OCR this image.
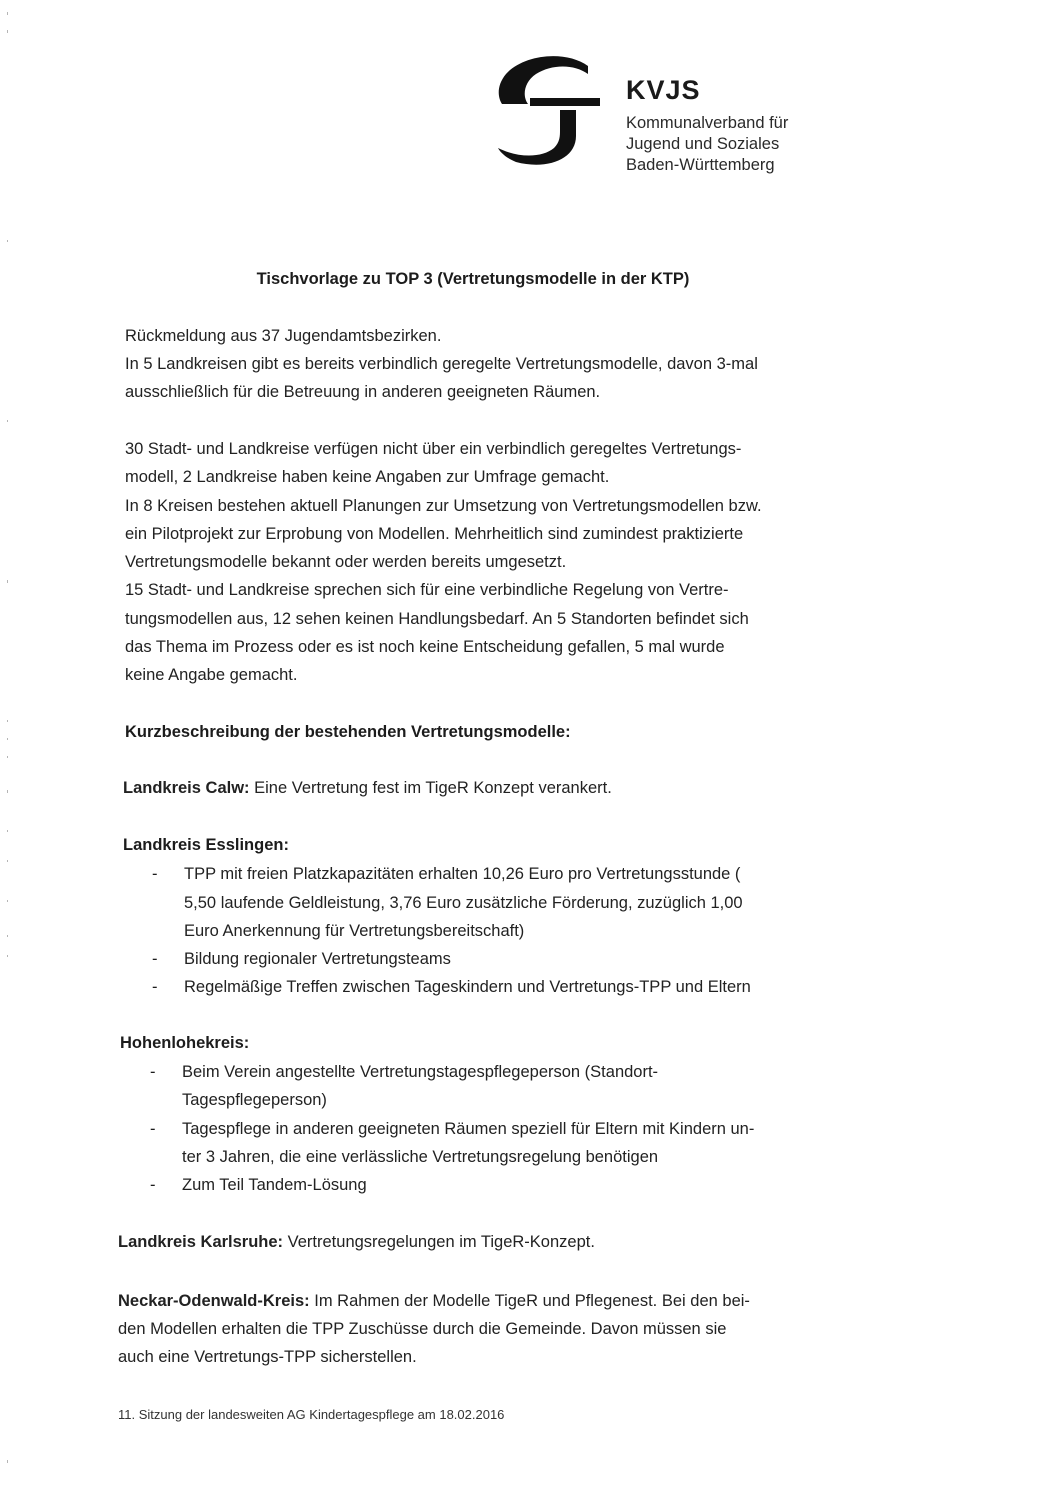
KVJS
Kommunalverband für
Jugend und Soziales
Baden-Württemberg
Tischvorlage zu TOP 3 (Vertretungsmodelle in der KTP)
Rückmeldung aus 37 Jugendamtsbezirken.
In 5 Landkreisen gibt es bereits verbindlich geregelte Vertretungsmodelle, davon 3-mal
ausschließlich für die Betreuung in anderen geeigneten Räumen.
30 Stadt- und Landkreise verfügen nicht über ein verbindlich geregeltes Vertretungs-
modell, 2 Landkreise haben keine Angaben zur Umfrage gemacht.
In 8 Kreisen bestehen aktuell Planungen zur Umsetzung von Vertretungsmodellen bzw.
ein Pilotprojekt zur Erprobung von Modellen. Mehrheitlich sind zumindest praktizierte
Vertretungsmodelle bekannt oder werden bereits umgesetzt.
15 Stadt- und Landkreise sprechen sich für eine verbindliche Regelung von Vertre-
tungsmodellen aus, 12 sehen keinen Handlungsbedarf. An 5 Standorten befindet sich
das Thema im Prozess oder es ist noch keine Entscheidung gefallen, 5 mal wurde
keine Angabe gemacht.
Kurzbeschreibung der bestehenden Vertretungsmodelle:
Landkreis Calw: Eine Vertretung fest im TigeR Konzept verankert.
Landkreis Esslingen:
- TPP mit freien Platzkapazitäten erhalten 10,26 Euro pro Vertretungsstunde (
5,50 laufende Geldleistung, 3,76 Euro zusätzliche Förderung, zuzüglich 1,00
Euro Anerkennung für Vertretungsbereitschaft)
- Bildung regionaler Vertretungsteams
- Regelmäßige Treffen zwischen Tageskindern und Vertretungs-TPP und Eltern
Hohenlohekreis:
- Beim Verein angestellte Vertretungstagespflegeperson (Standort-
Tagespflegeperson)
- Tagespflege in anderen geeigneten Räumen speziell für Eltern mit Kindern un-
ter 3 Jahren, die eine verlässliche Vertretungsregelung benötigen
- Zum Teil Tandem-Lösung
Landkreis Karlsruhe: Vertretungsregelungen im TigeR-Konzept.
Neckar-Odenwald-Kreis: Im Rahmen der Modelle TigeR und Pflegenest. Bei den bei-
den Modellen erhalten die TPP Zuschüsse durch die Gemeinde. Davon müssen sie
auch eine Vertretungs-TPP sicherstellen.
11. Sitzung der landesweiten AG Kindertagespflege am 18.02.2016
